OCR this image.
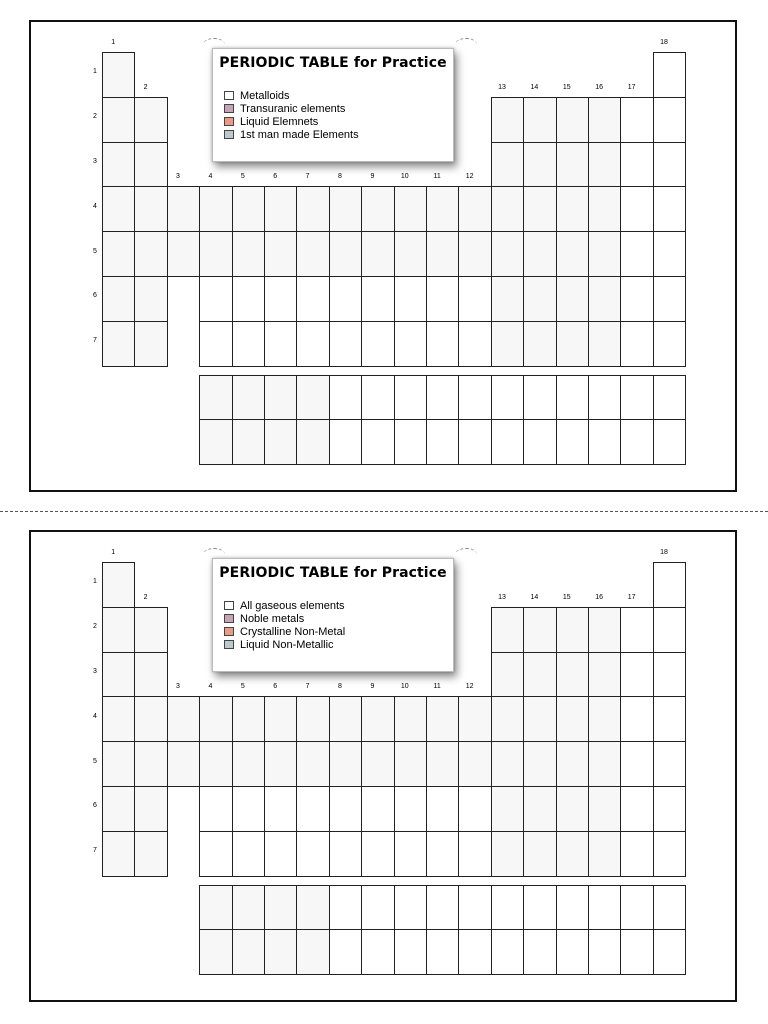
1
2
3	4	5	6	7	8	9	10	11	12
13	14	15	16	17
18
1
2
3
4
5
6
7
PERIODIC TABLE for Practice
Metalloids
Transuranic elements
Liquid Elemnets
1st man made Elements
1
2
3	4	5	6	7	8	9	10	11	12
13	14	15	16	17
18
1
2
3
4
5
6
7
PERIODIC TABLE for Practice
All gaseous elements
Noble metals
Crystalline Non-Metal
Liquid Non-Metallic
